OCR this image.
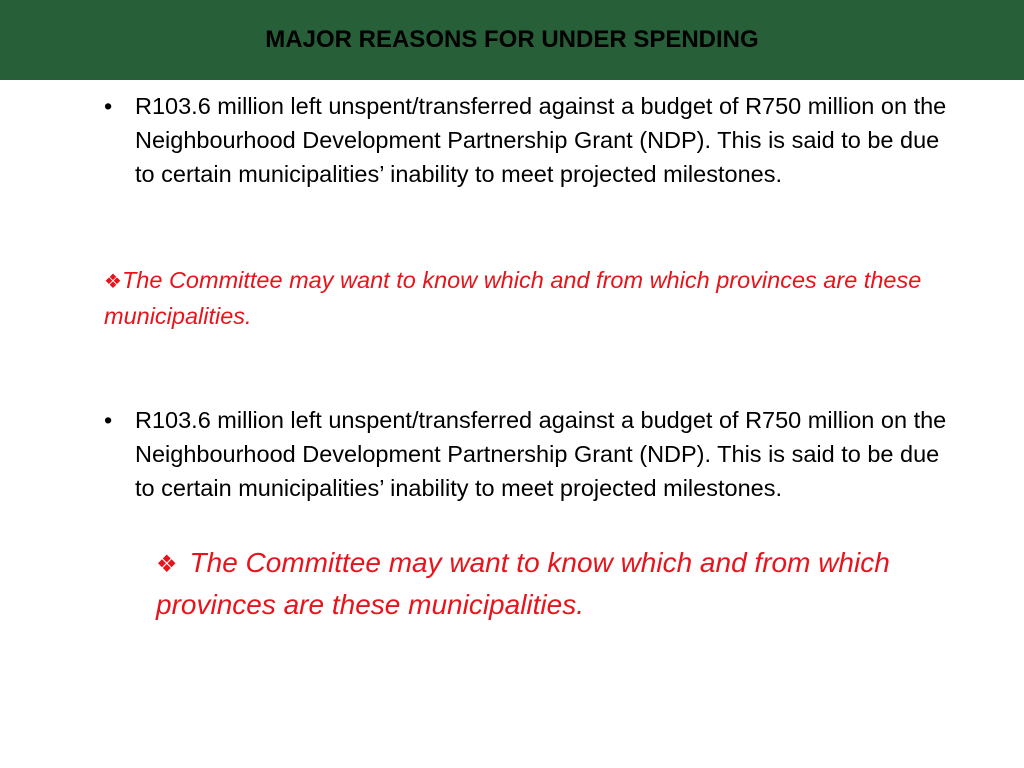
MAJOR REASONS FOR UNDER SPENDING
• R103.6 million left unspent/transferred against a budget of R750 million on the Neighbourhood Development Partnership Grant (NDP). This is said to be due to certain municipalities’ inability to meet projected milestones.
❖The Committee may want to know which and from which provinces are these municipalities.
• R103.6 million left unspent/transferred against a budget of R750 million on the Neighbourhood Development Partnership Grant (NDP). This is said to be due to certain municipalities’ inability to meet projected milestones.
❖ The Committee may want to know which and from which provinces are these municipalities.
